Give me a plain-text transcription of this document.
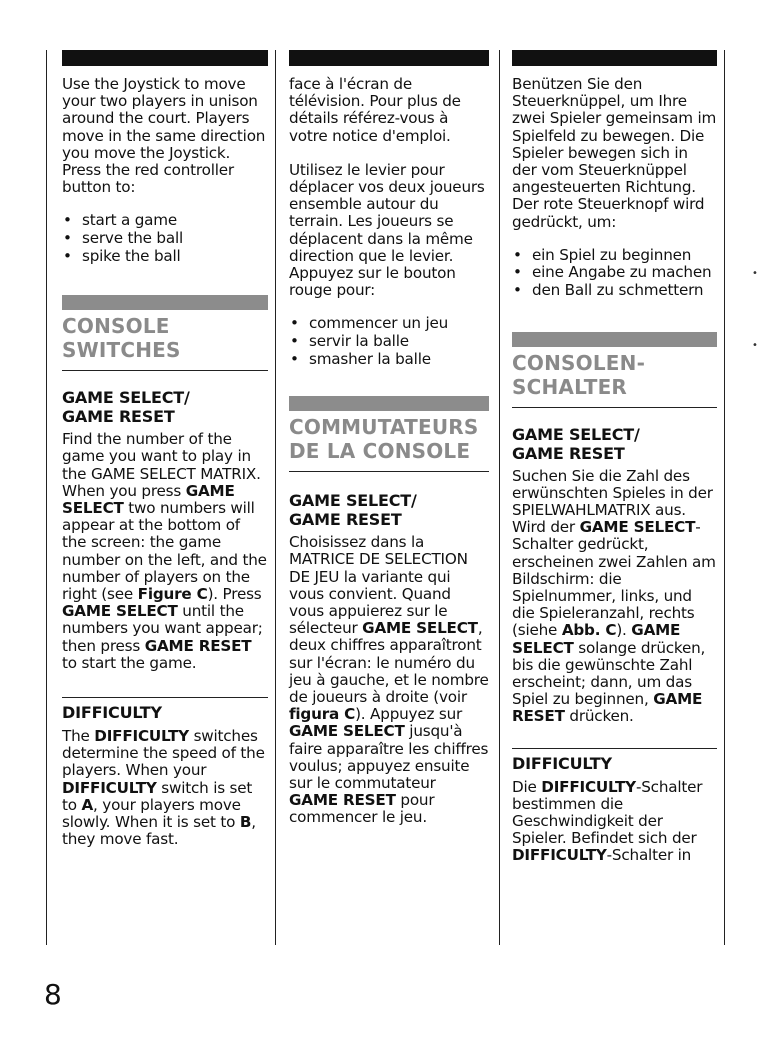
Use the Joystick to move your two players in unison around the court. Players move in the same direction you move the Joystick. Press the red controller button to:

• start a game
• serve the ball
• spike the ball
CONSOLE
SWITCHES
GAME SELECT/
GAME RESET

Find the number of the game you want to play in the GAME SELECT MATRIX. When you press GAME SELECT two numbers will appear at the bottom of the screen: the game number on the left, and the number of players on the right (see Figure C). Press GAME SELECT until the numbers you want appear; then press GAME RESET to start the game.

DIFFICULTY

The DIFFICULTY switches determine the speed of the players. When your DIFFICULTY switch is set to A, your players move slowly. When it is set to B, they move fast.

face à l'écran de télévision. Pour plus de détails référez-vous à votre notice d'emploi.

Utilisez le levier pour déplacer vos deux joueurs ensemble autour du terrain. Les joueurs se déplacent dans la même direction que le levier. Appuyez sur le bouton rouge pour:

• commencer un jeu
• servir la balle
• smasher la balle
COMMUTATEURS
DE LA CONSOLE
GAME SELECT/
GAME RESET

Choisissez dans la MATRICE DE SELECTION DE JEU la variante qui vous convient. Quand vous appuierez sur le sélecteur GAME SELECT, deux chiffres apparaîtront sur l'écran: le numéro du jeu à gauche, et le nombre de joueurs à droite (voir figura C). Appuyez sur GAME SELECT jusqu'à faire apparaître les chiffres voulus; appuyez ensuite sur le commutateur GAME RESET pour commencer le jeu.

Benützen Sie den Steuerknüppel, um Ihre zwei Spieler gemeinsam im Spielfeld zu bewegen. Die Spieler bewegen sich in der vom Steuerknüppel angesteuerten Richtung. Der rote Steuerknopf wird gedrückt, um:

• ein Spiel zu beginnen
• eine Angabe zu machen
• den Ball zu schmettern
CONSOLEN-
SCHALTER
GAME SELECT/
GAME RESET

Suchen Sie die Zahl des erwünschten Spieles in der SPIELWAHLMATRIX aus. Wird der GAME SELECT-Schalter gedrückt, erscheinen zwei Zahlen am Bildschirm: die Spielnummer, links, und die Spieleranzahl, rechts (siehe Abb. C). GAME SELECT solange drücken, bis die gewünschte Zahl erscheint; dann, um das Spiel zu beginnen, GAME RESET drücken.

DIFFICULTY

Die DIFFICULTY-Schalter bestimmen die Geschwindigkeit der Spieler. Befindet sich der DIFFICULTY-Schalter in

•
•
8
